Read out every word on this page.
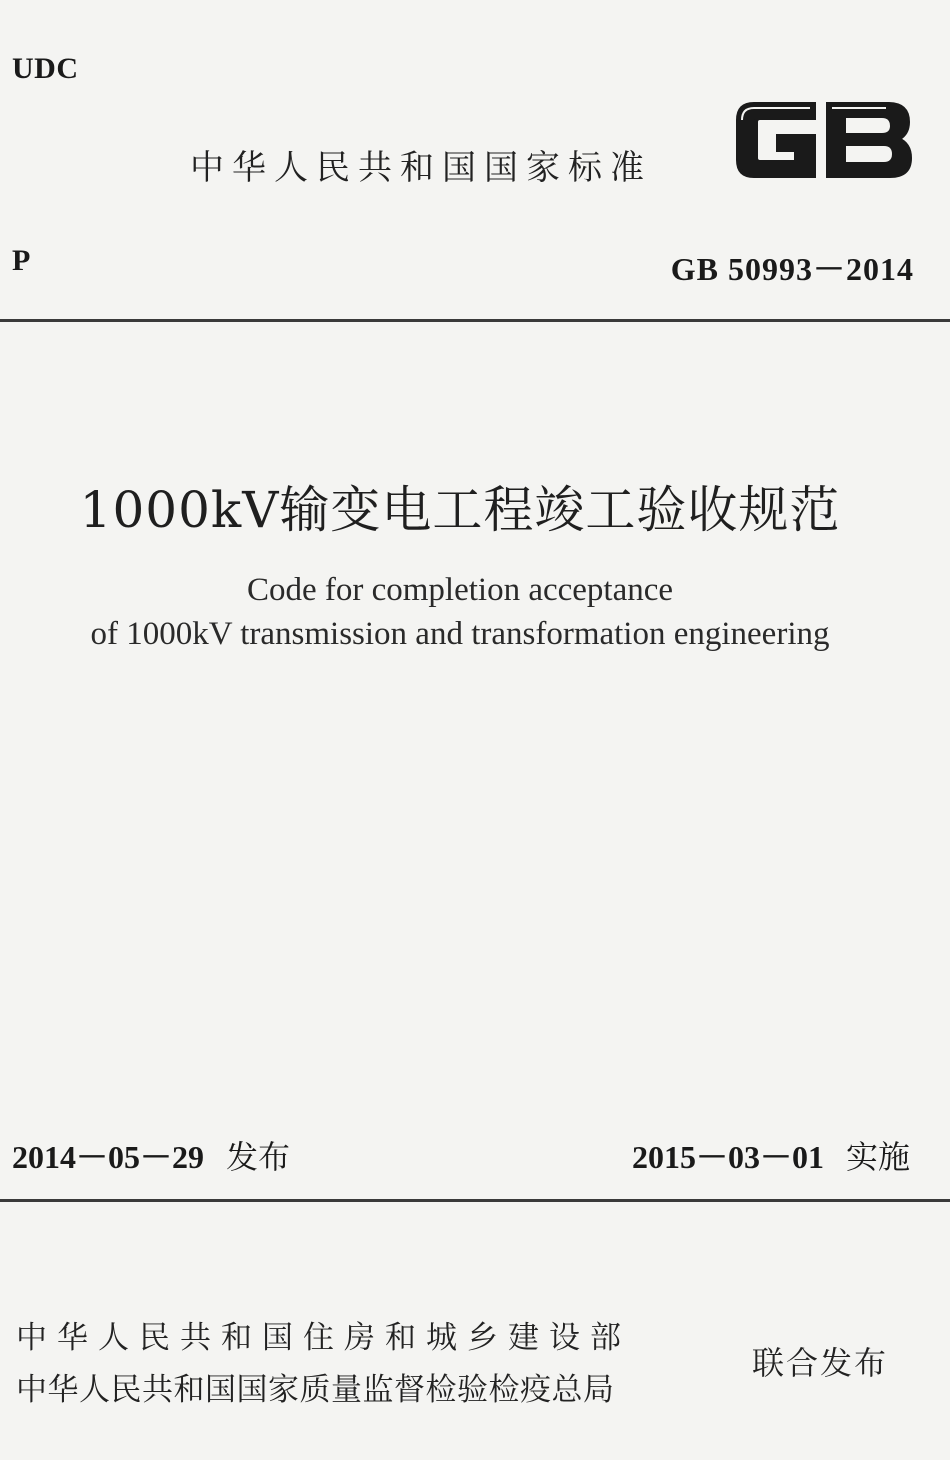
UDC
中华人民共和国国家标准
GB
P	GB 50993－2014
1000kV输变电工程竣工验收规范
Code for completion acceptance
of 1000kV transmission and transformation engineering
2014－05－29 发布	2015－03－01 实施
中华人民共和国住房和城乡建设部
中华人民共和国国家质量监督检验检疫总局
联合发布
